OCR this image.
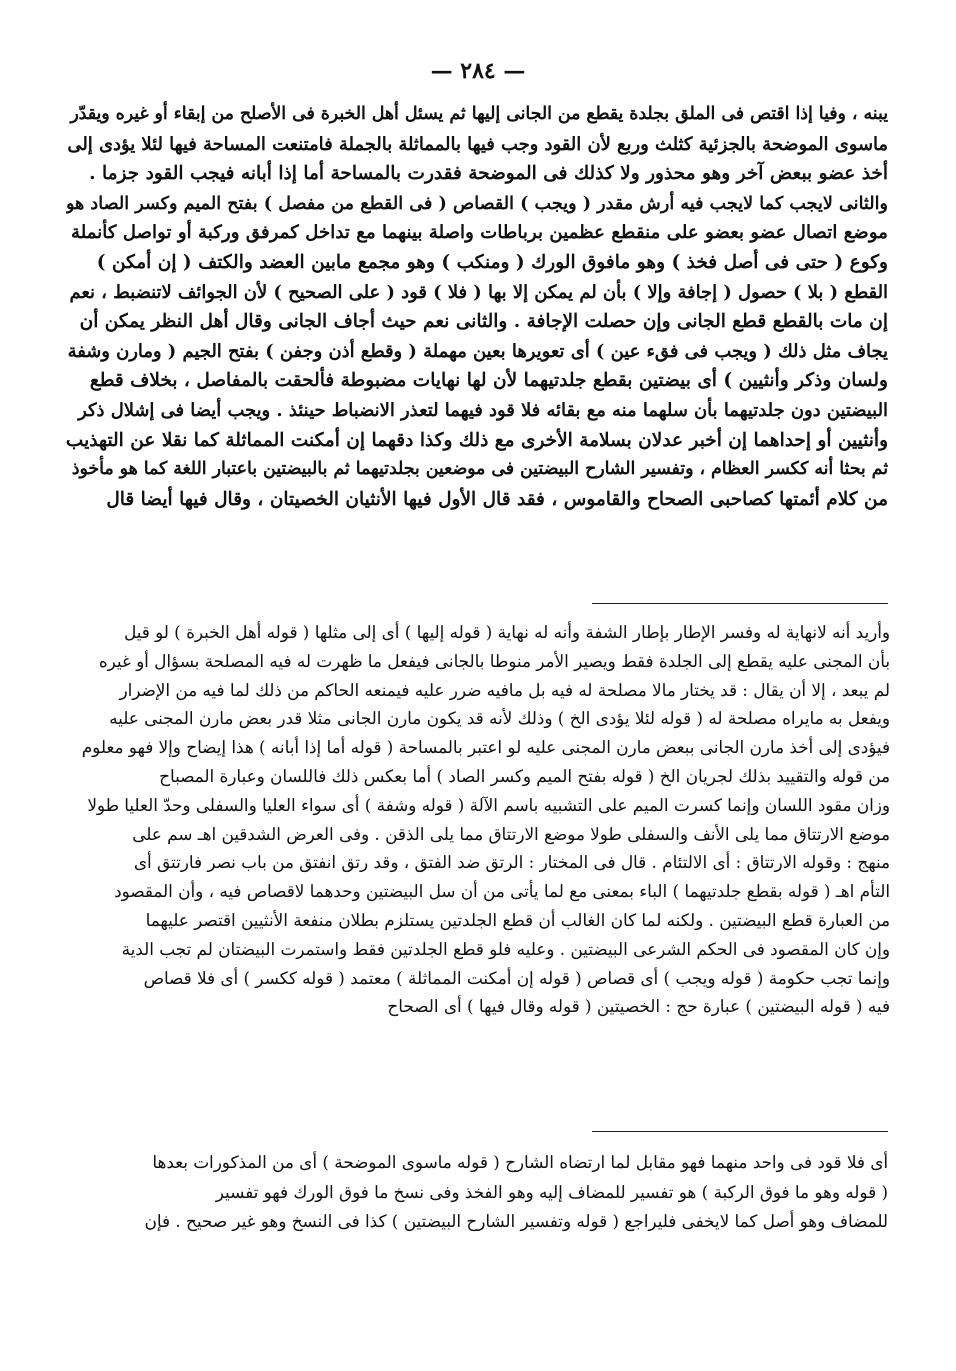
— ٢٨٤ —
يبنه ، وفيا إذا اقتص فى الملق بجلدة يقطع من الجانى إليها ثم يسئل أهل الخبرة فى الأصلح من إبقاء أو غيره ويقدّر
ماسوى الموضحة بالجزئية كثلث وربع لأن القود وجب فيها بالمماثلة بالجملة فامتنعت المساحة فيها لئلا يؤدى إلى
أخذ عضو ببعض آخر وهو محذور ولا كذلك فى الموضحة فقدرت بالمساحة أما إذا أبانه فيجب القود جزما .
والثانى لايجب كما لايجب فيه أرش مقدر ( ويجب ) القصاص ( فى القطع من مفصل ) بفتح الميم وكسر الصاد هو
موضع اتصال عضو بعضو على منقطع عظمين برباطات واصلة بينهما مع تداخل كمرفق وركبة أو تواصل كأنملة
وكوع ( حتى فى أصل فخذ ) وهو مافوق الورك ( ومنكب ) وهو مجمع مابين العضد والكتف ( إن أمكن )
القطع ( بلا ) حصول ( إجافة وإلا ) بأن لم يمكن إلا بها ( فلا ) قود ( على الصحيح ) لأن الجوائف لاتنضبط ، نعم
إن مات بالقطع قطع الجانى وإن حصلت الإجافة . والثانى نعم حيث أجاف الجانى وقال أهل النظر يمكن أن
يجاف مثل ذلك ( ويجب فى فقء عين ) أى تعويرها بعين مهملة ( وقطع أذن وجفن ) بفتح الجيم ( ومارن وشفة
ولسان وذكر وأنثيين ) أى بيضتين بقطع جلدتيهما لأن لها نهايات مضبوطة فألحقت بالمفاصل ، بخلاف قطع
البيضتين دون جلدتيهما بأن سلهما منه مع بقائه فلا قود فيهما لتعذر الانضباط حينئذ . ويجب أيضا فى إشلال ذكر
وأنثيين أو إحداهما إن أخبر عدلان بسلامة الأخرى مع ذلك وكذا دقهما إن أمكنت المماثلة كما نقلا عن التهذيب
ثم بحثا أنه ككسر العظام ، وتفسير الشارح البيضتين فى موضعين بجلدتيهما ثم بالبيضتين باعتبار اللغة كما هو مأخوذ
من كلام أئمتها كصاحبى الصحاح والقاموس ، فقد قال الأول فيها الأنثيان الخصيتان ، وقال فيها أيضا قال
وأريد أنه لانهاية له وفسر الإطار بإطار الشفة وأنه له نهاية ( قوله إليها ) أى إلى مثلها ( قوله أهل الخبرة ) لو قيل
بأن المجنى عليه يقطع إلى الجلدة فقط ويصير الأمر منوطا بالجانى فيفعل ما ظهرت له فيه المصلحة بسؤال أو غيره
لم يبعد ، إلا أن يقال : قد يختار مالا مصلحة له فيه بل مافيه ضرر عليه فيمنعه الحاكم من ذلك لما فيه من الإضرار
ويفعل به مايراه مصلحة له ( قوله لئلا يؤدى الخ ) وذلك لأنه قد يكون مارن الجانى مثلا قدر بعض مارن المجنى عليه
فيؤدى إلى أخذ مارن الجانى ببعض مارن المجنى عليه لو اعتبر بالمساحة ( قوله أما إذا أبانه ) هذا إيضاح وإلا فهو معلوم
من قوله والتقييد بذلك لجريان الخ ( قوله بفتح الميم وكسر الصاد ) أما بعكس ذلك فاللسان وعبارة المصباح
وزان مقود اللسان وإنما كسرت الميم على التشبيه باسم الآلة ( قوله وشفة ) أى سواء العليا والسفلى وحدّ العليا طولا
موضع الارتتاق مما يلى الأنف والسفلى طولا موضع الارتتاق مما يلى الذقن . وفى العرض الشدقين اهـ سم على
منهج : وقوله الارتتاق : أى الالتئام . قال فى المختار : الرتق ضد الفتق ، وقد رتق انفتق من باب نصر فارتتق أى
التأم اهـ ( قوله بقطع جلدتيهما ) الباء بمعنى مع لما يأتى من أن سل البيضتين وحدهما لاقصاص فيه ، وأن المقصود
من العبارة قطع البيضتين . ولكنه لما كان الغالب أن قطع الجلدتين يستلزم بطلان منفعة الأنثيين اقتصر عليهما
وإن كان المقصود فى الحكم الشرعى البيضتين . وعليه فلو قطع الجلدتين فقط واستمرت البيضتان لم تجب الدية
وإنما تجب حكومة ( قوله ويجب ) أى قصاص ( قوله إن أمكنت المماثلة ) معتمد ( قوله ككسر ) أى فلا قصاص
فيه ( قوله البيضتين ) عبارة حج : الخصيتين ( قوله وقال فيها ) أى الصحاح
أى فلا قود فى واحد منهما فهو مقابل لما ارتضاه الشارح ( قوله ماسوى الموضحة ) أى من المذكورات بعدها
( قوله وهو ما فوق الركبة ) هو تفسير للمضاف إليه وهو الفخذ وفى نسخ ما فوق الورك فهو تفسير
للمضاف وهو أصل كما لايخفى فليراجع ( قوله وتفسير الشارح البيضتين ) كذا فى النسخ وهو غير صحيح . فإن
